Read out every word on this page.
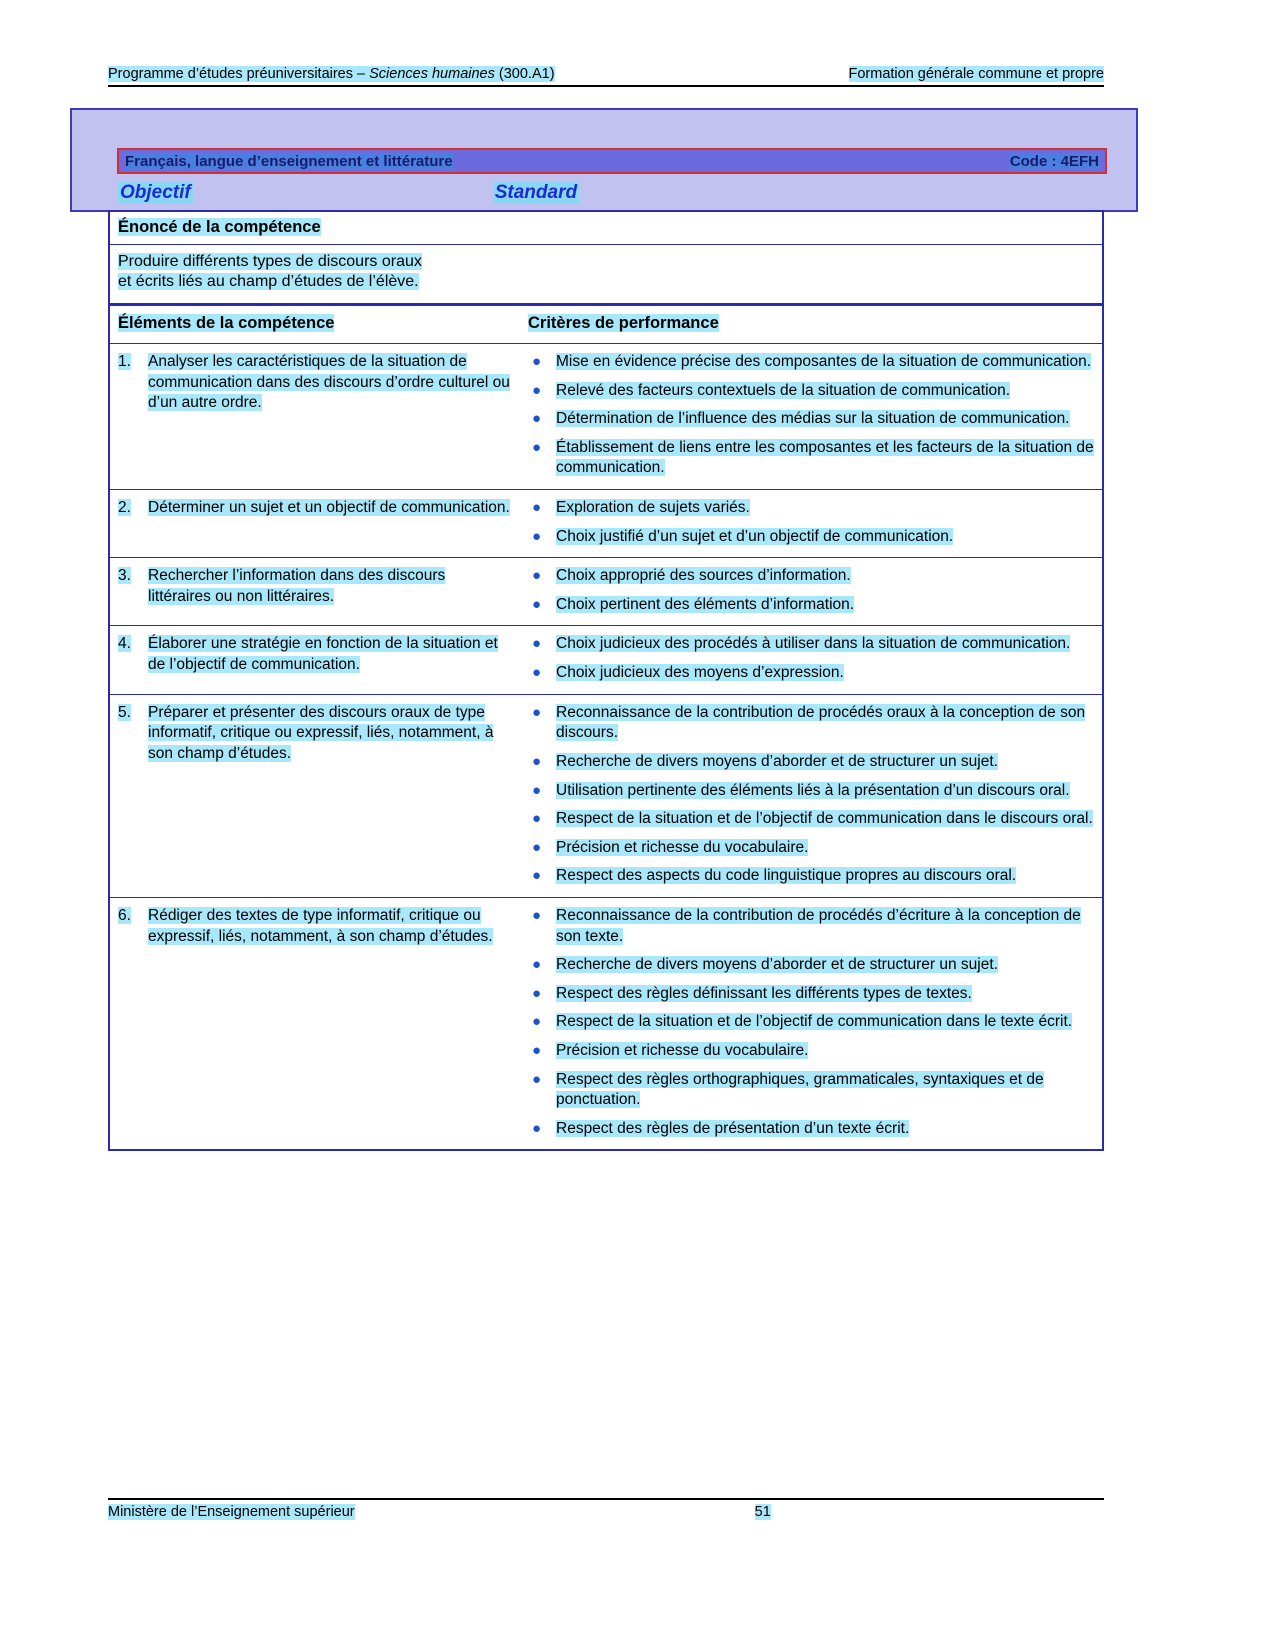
Programme d’études préuniversitaires – Sciences humaines (300.A1)	Formation générale commune et propre
Français, langue d’enseignement et littérature	Code : 4EFH
Objectif	Standard
Énoncé de la compétence
Produire différents types de discours oraux
et écrits liés au champ d’études de l’élève.
Éléments de la compétence	Critères de performance
1.	Analyser les caractéristiques de la situation de communication dans des discours d’ordre culturel ou d’un autre ordre.
● Mise en évidence précise des composantes de la situation de communication.
● Relevé des facteurs contextuels de la situation de communication.
● Détermination de l’influence des médias sur la situation de communication.
● Établissement de liens entre les composantes et les facteurs de la situation de communication.
2.	Déterminer un sujet et un objectif de communication. ● Exploration de sujets variés.
● Choix justifié d’un sujet et d’un objectif de communication.
3.	Rechercher l’information dans des discours littéraires ou non littéraires.
● Choix approprié des sources d’information.
● Choix pertinent des éléments d’information.
4.	Élaborer une stratégie en fonction de la situation et de l’objectif de communication.
● Choix judicieux des procédés à utiliser dans la situation de communication.
● Choix judicieux des moyens d’expression.
5.	Préparer et présenter des discours oraux de type informatif, critique ou expressif, liés, notamment, à son champ d’études.
● Reconnaissance de la contribution de procédés oraux à la conception de son discours.
● Recherche de divers moyens d’aborder et de structurer un sujet.
● Utilisation pertinente des éléments liés à la présentation d’un discours oral.
● Respect de la situation et de l’objectif de communication dans le discours oral.
● Précision et richesse du vocabulaire.
● Respect des aspects du code linguistique propres au discours oral.
6.	Rédiger des textes de type informatif, critique ou expressif, liés, notamment, à son champ d’études.
● Reconnaissance de la contribution de procédés d’écriture à la conception de son texte.
● Recherche de divers moyens d’aborder et de structurer un sujet.
● Respect des règles définissant les différents types de textes.
● Respect de la situation et de l’objectif de communication dans le texte écrit.
● Précision et richesse du vocabulaire.
● Respect des règles orthographiques, grammaticales, syntaxiques et de ponctuation.
● Respect des règles de présentation d’un texte écrit.
Ministère de l’Enseignement supérieur	51
